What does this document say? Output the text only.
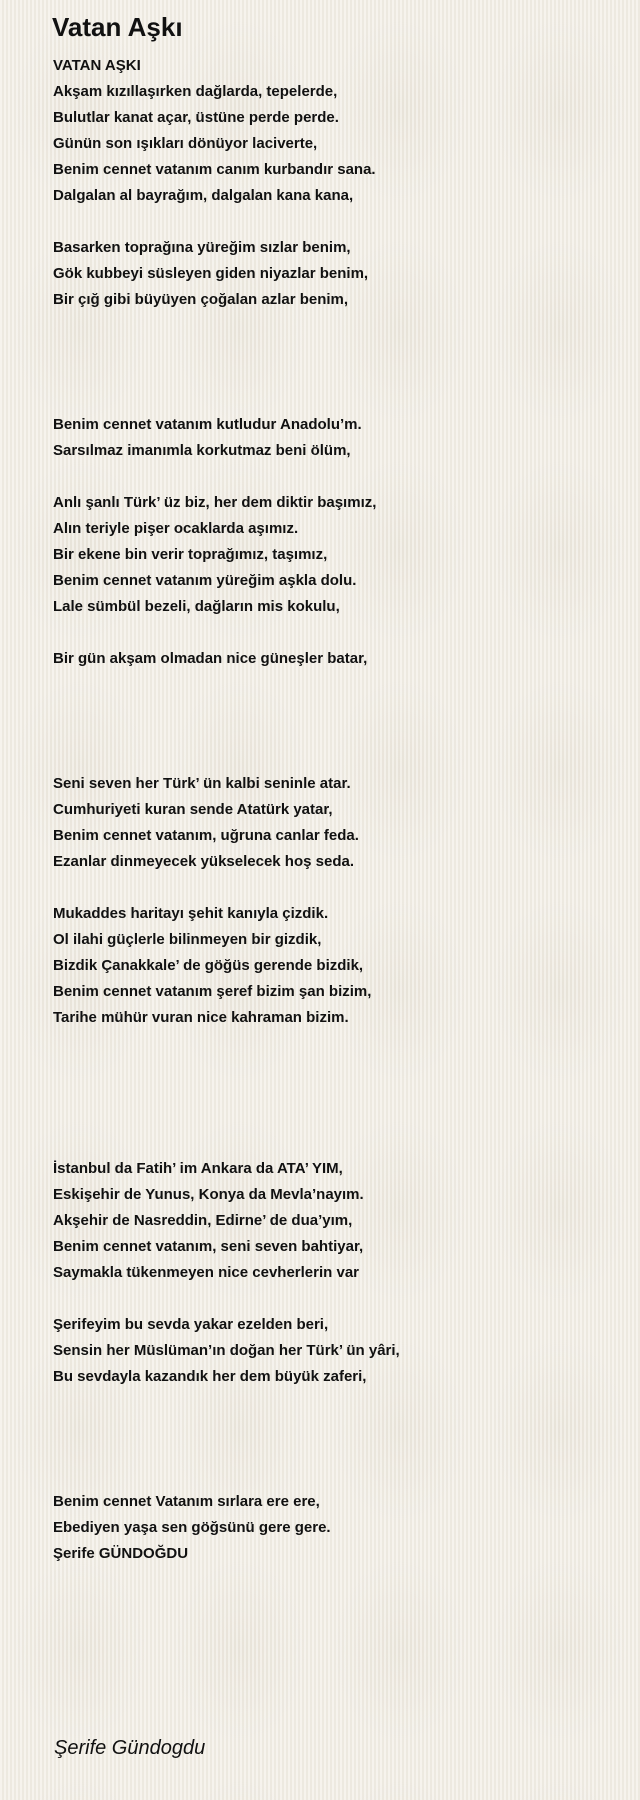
Vatan Aşkı
VATAN AŞKI
Akşam kızıllaşırken dağlarda, tepelerde,
Bulutlar kanat açar, üstüne perde perde.
Günün son ışıkları dönüyor laciverte,
Benim cennet vatanım canım kurbandır sana.
Dalgalan al bayrağım, dalgalan kana kana,
Basarken toprağına yüreğim sızlar benim,
Gök kubbeyi süsleyen giden niyazlar benim,
Bir çığ gibi büyüyen çoğalan azlar benim,
Benim cennet vatanım kutludur Anadolu’m.
Sarsılmaz imanımla korkutmaz beni ölüm,
Anlı şanlı Türk’ üz biz, her dem diktir başımız,
Alın teriyle pişer ocaklarda aşımız.
Bir ekene bin verir toprağımız, taşımız,
Benim cennet vatanım yüreğim aşkla dolu.
Lale sümbül bezeli, dağların mis kokulu,
Bir gün akşam olmadan nice güneşler batar,
Seni seven her Türk’ ün kalbi seninle atar.
Cumhuriyeti kuran sende Atatürk yatar,
Benim cennet vatanım, uğruna canlar feda.
Ezanlar dinmeyecek yükselecek hoş seda.
Mukaddes haritayı şehit kanıyla çizdik.
Ol ilahi güçlerle bilinmeyen bir gizdik,
Bizdik Çanakkale’ de göğüs gerende bizdik,
Benim cennet vatanım şeref bizim şan bizim,
Tarihe mühür vuran nice kahraman bizim.
İstanbul da Fatih’ im Ankara da ATA’ YIM,
Eskişehir de Yunus, Konya da Mevla’nayım.
Akşehir de Nasreddin, Edirne’ de dua’yım,
Benim cennet vatanım, seni seven bahtiyar,
Saymakla tükenmeyen nice cevherlerin var
Şerifeyim bu sevda yakar ezelden beri,
Sensin her Müslüman’ın doğan her Türk’ ün yâri,
Bu sevdayla kazandık her dem büyük zaferi,
Benim cennet Vatanım sırlara ere ere,
Ebediyen yaşa sen göğsünü gere gere.
Şerife GÜNDOĞDU
Şerife Gündogdu
